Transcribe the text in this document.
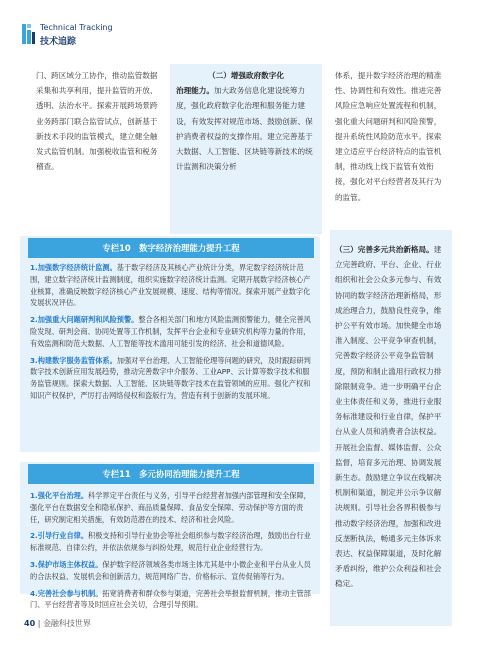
Technical Tracking
技术追踪
门、跨区域分工协作，推动监管数据采集和共享利用，提升监管的开放、透明、法治水平。探索开展跨场景跨业务跨部门联合监管试点，创新基于新技术手段的监管模式，建立健全触发式监管机制。加强税收监管和税务稽查。
（二）增强政府数字化
治理能力。加大政务信息化建设统筹力度，强化政府数字化治理和服务能力建设，有效发挥对规范市场、鼓励创新、保护消费者权益的支撑作用。建立完善基于大数据、人工智能、区块链等新技术的统计监测和决策分析
体系，提升数字经济治理的精准性、协调性和有效性。推进完善风险应急响应处置流程和机制，强化重大问题研判和风险预警，提升系统性风险防范水平。探索建立适应平台经济特点的监管机制，推动线上线下监管有效衔接，强化对平台经营者及其行为的监管。
（三）完善多元共治新格局。建立完善政府、平台、企业、行业组织和社会公众多元参与、有效协同的数字经济治理新格局，形成治理合力，鼓励良性竞争，维护公平有效市场。加快健全市场准入制度、公平竞争审查机制，完善数字经济公平竞争监管制度，预防和制止滥用行政权力排除限制竞争。进一步明确平台企业主体责任和义务，推进行业服务标准建设和行业自律，保护平台从业人员和消费者合法权益。开展社会监督、媒体监督、公众监督，培育多元治理、协调发展新生态。鼓励建立争议在线解决机制和渠道，制定并公示争议解决规则。引导社会各界积极参与推动数字经济治理，加强和改进反垄断执法，畅通多元主体诉求表达、权益保障渠道，及时化解矛盾纠纷，维护公众利益和社会稳定。
专栏10　数字经济治理能力提升工程

1.加强数字经济统计监测。基于数字经济及其核心产业统计分类，界定数字经济统计范围，建立数字经济统计监测制度，组织实施数字经济统计监测。定期开展数字经济核心产业核算，准确反映数字经济核心产业发展规模、速度、结构等情况。探索开展产业数字化发展状况评估。

2.加强重大问题研判和风险预警。整合各相关部门和地方风险监测预警能力，健全完善风险发现、研判会商、协同处置等工作机制，发挥平台企业和专业研究机构等力量的作用，有效监测和防范大数据、人工智能等技术滥用可能引发的经济、社会和道德风险。

3.构建数字服务监管体系。加强对平台治理、人工智能伦理等问题的研究，及时跟踪研判数字技术创新应用发展趋势，推动完善数字中介服务、工业APP、云计算等数字技术和服务监管规则。探索大数据、人工智能、区块链等数字技术在监管领域的应用。强化产权和知识产权保护，严厉打击网络侵权和盗版行为，营造有利于创新的发展环境。

专栏11　多元协同治理能力提升工程

1.强化平台治理。科学界定平台责任与义务，引导平台经营者加强内部管理和安全保障，强化平台在数据安全和隐私保护、商品质量保障、食品安全保障、劳动保护等方面的责任，研究制定相关措施，有效防范潜在的技术、经济和社会风险。

2.引导行业自律。积极支持和引导行业协会等社会组织参与数字经济治理，鼓励出台行业标准规范、自律公约，并依法依规参与纠纷处理，规范行业企业经营行为。

3.保护市场主体权益。保护数字经济领域各类市场主体尤其是中小微企业和平台从业人员的合法权益、发展机会和创新活力，规范网络广告、价格标示、宣传促销等行为。

4.完善社会参与机制。拓宽消费者和群众参与渠道，完善社会举报监督机制，推动主管部门、平台经营者等及时回应社会关切，合理引导预期。

40 | 金融科技世界
